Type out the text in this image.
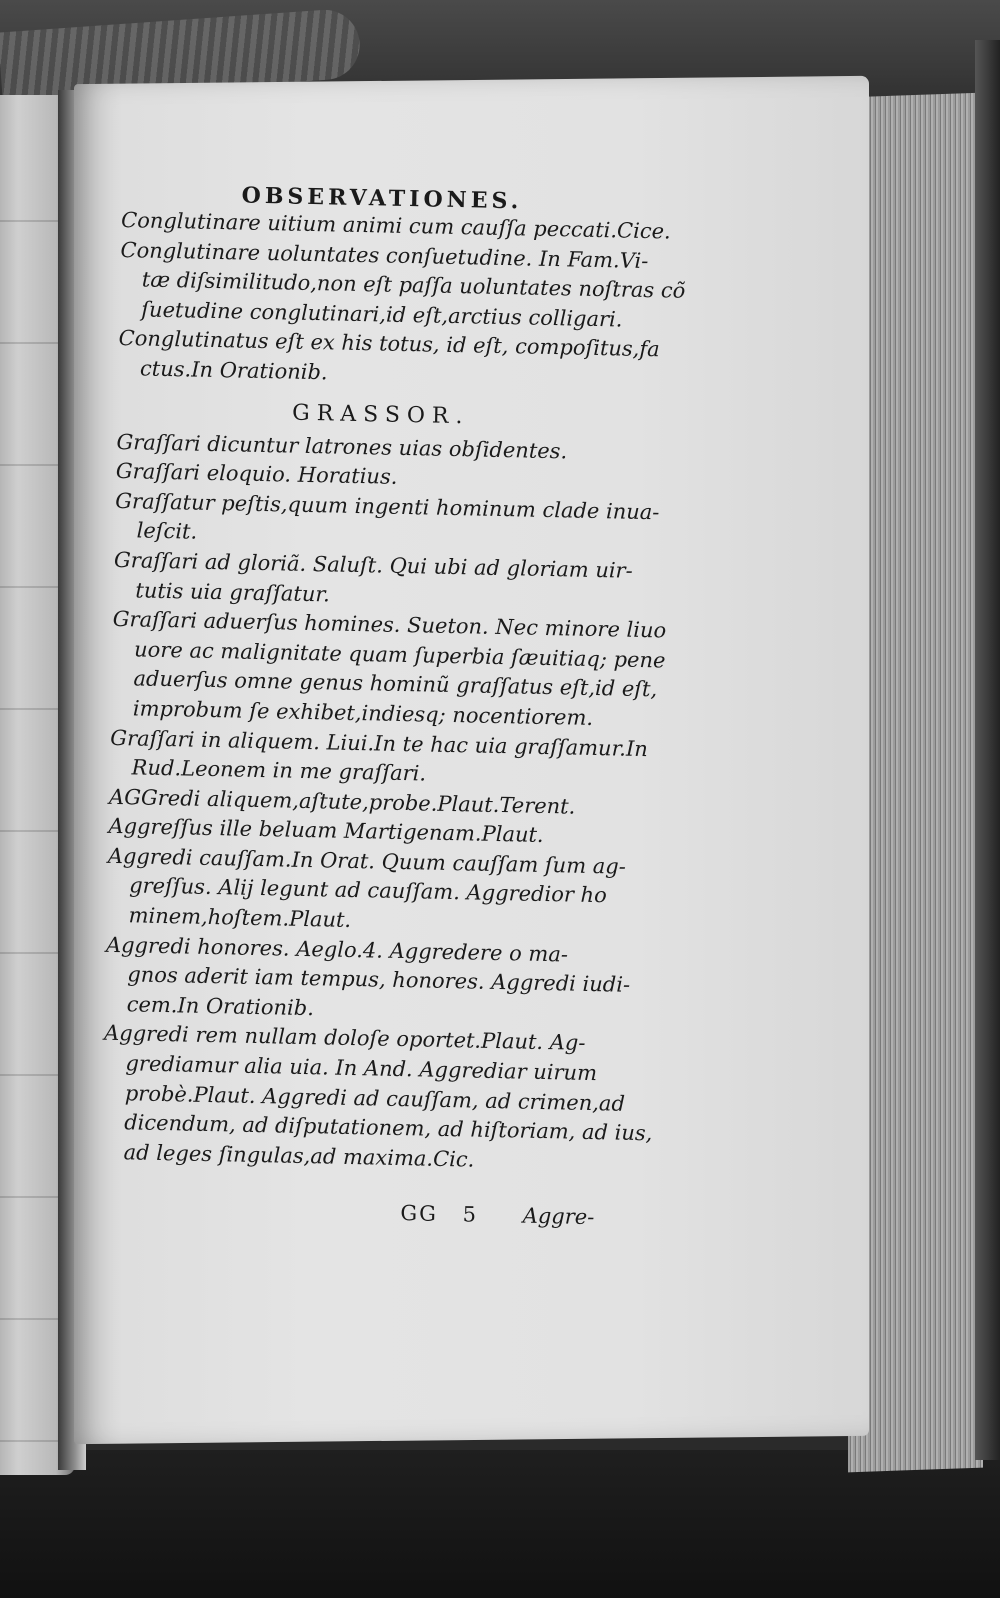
OBSERVATIONES.
Conglutinare uitium animi cum cauſſa peccati.Cice.
Conglutinare uoluntates conſuetudine. In Fam.Vi-
tæ diſsimilitudo,non eſt paſſa uoluntates noſtras cõ
ſuetudine conglutinari,id eſt,arctius colligari.
Conglutinatus eſt ex his totus, id eſt, compoſitus,fa
ctus.In Orationib.
GRASSOR.
Graſſari dicuntur latrones uias obſidentes.
Graſſari eloquio. Horatius.
Graſſatur peſtis,quum ingenti hominum clade inua-
leſcit.
Graſſari ad gloriã. Saluſt. Qui ubi ad gloriam uir-
tutis uia graſſatur.
Graſſari aduerſus homines. Sueton. Nec minore liuo
uore ac malignitate quam ſuperbia ſæuitiaq; pene
aduerſus omne genus hominũ graſſatus eſt,id eſt,
improbum ſe exhibet,indiesq; nocentiorem.
Graſſari in aliquem. Liui.In te hac uia graſſamur.In
Rud.Leonem in me graſſari.
AGGredi aliquem,aſtute,probe.Plaut.Terent.
Aggreſſus ille beluam Martigenam.Plaut.
Aggredi cauſſam.In Orat. Quum cauſſam ſum ag-
greſſus. Alij legunt ad cauſſam. Aggredior ho
minem,hoſtem.Plaut.
Aggredi honores. Aeglo.4. Aggredere o ma-
gnos aderit iam tempus, honores. Aggredi iudi-
cem.In Orationib.
Aggredi rem nullam doloſe oportet.Plaut. Ag-
grediamur alia uia. In And. Aggrediar uirum
probè.Plaut. Aggredi ad cauſſam, ad crimen,ad
dicendum, ad diſputationem, ad hiſtoriam, ad ius,
ad leges ſingulas,ad maxima.Cic.
GG 5 Aggre-
